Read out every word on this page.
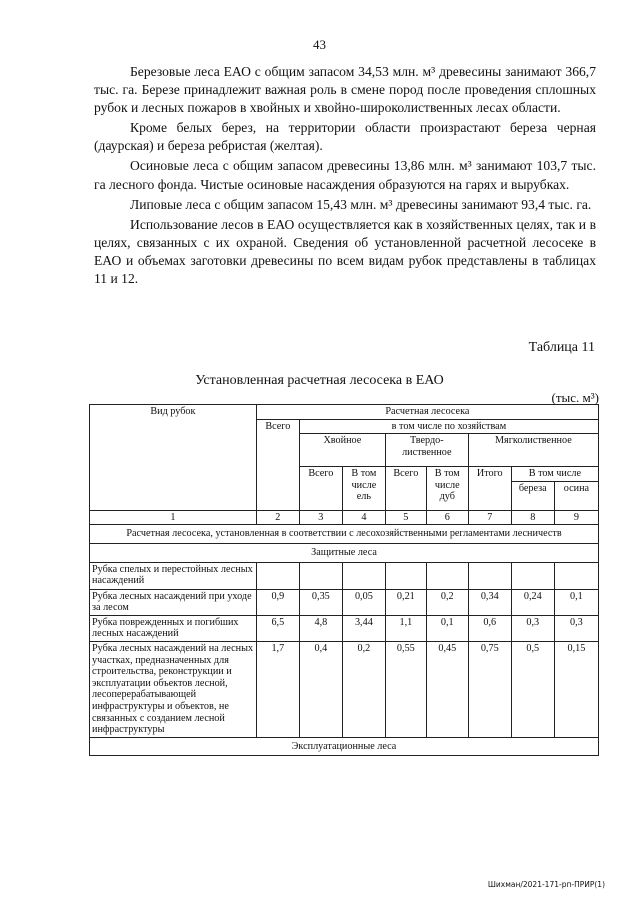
43

Березовые леса ЕАО с общим запасом 34,53 млн. м³ древесины занимают 366,7 тыс. га. Березе принадлежит важная роль в смене пород после проведения сплошных рубок и лесных пожаров в хвойных и хвойно-широколиственных лесах области.

Кроме белых берез, на территории области произрастают береза черная (даурская) и береза ребристая (желтая).

Осиновые леса с общим запасом древесины 13,86 млн. м³ занимают 103,7 тыс. га лесного фонда. Чистые осиновые насаждения образуются на гарях и вырубках.

Липовые леса с общим запасом 15,43 млн. м³ древесины занимают 93,4 тыс. га.

Использование лесов в ЕАО осуществляется как в хозяйственных целях, так и в целях, связанных с их охраной. Сведения об установленной расчетной лесосеке в ЕАО и объемах заготовки древесины по всем видам рубок представлены в таблицах 11 и 12.

Таблица 11
Установленная расчетная лесосека в ЕАО
(тыс. м³)
Вид рубок	Расчетная лесосека							
	Всего	в том числе по хозяйствам						
		Хвойное		Твердо-лиственное		Мягколиственное		
		Всего	В том числе ель	Всего	В том числе дуб	Итого	В том числе	
							береза	осина
1	2	3	4	5	6	7	8	9
Расчетная лесосека, установленная в соответствии с лесохозяйственными регламентами лесничеств								
Защитные леса								
Рубка спелых и перестойных лесных насаждений								
Рубка лесных насаждений при уходе за лесом	0,9	0,35	0,05	0,21	0,2	0,34	0,24	0,1
Рубка поврежденных и погибших лесных насаждений	6,5	4,8	3,44	1,1	0,1	0,6	0,3	0,3
Рубка лесных насаждений на лесных участках, предназначенных для строительства, реконструкции и эксплуатации объектов лесной, лесоперерабатывающей инфраструктуры и объектов, не связанных с созданием лесной инфраструктуры	1,7	0,4	0,2	0,55	0,45	0,75	0,5	0,15
Эксплуатационные леса								
Шихман/2021-171-рп-ПРИР(1)
